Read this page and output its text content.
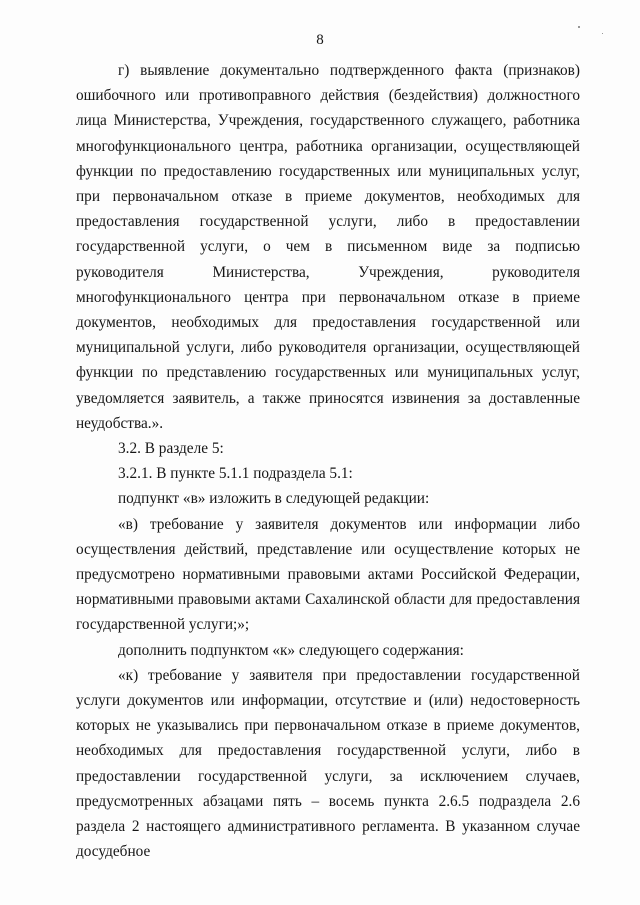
8

г) выявление документально подтвержденного факта (признаков) ошибочного или противоправного действия (бездействия) должностного лица Министерства, Учреждения, государственного служащего, работника многофункционального центра, работника организации, осуществляющей функции по предоставлению государственных или муниципальных услуг, при первоначальном отказе в приеме документов, необходимых для предоставления государственной услуги, либо в предоставлении государственной услуги, о чем в письменном виде за подписью руководителя Министерства, Учреждения, руководителя многофункционального центра при первоначальном отказе в приеме документов, необходимых для предоставления государственной или муниципальной услуги, либо руководителя организации, осуществляющей функции по представлению государственных или муниципальных услуг, уведомляется заявитель, а также приносятся извинения за доставленные неудобства.».

3.2. В разделе 5:

3.2.1. В пункте 5.1.1 подраздела 5.1:

подпункт «в» изложить в следующей редакции:

«в) требование у заявителя документов или информации либо осуществления действий, представление или осуществление которых не предусмотрено нормативными правовыми актами Российской Федерации, нормативными правовыми актами Сахалинской области для предоставления государственной услуги;»;

дополнить подпунктом «к» следующего содержания:

«к) требование у заявителя при предоставлении государственной услуги документов или информации, отсутствие и (или) недостоверность которых не указывались при первоначальном отказе в приеме документов, необходимых для предоставления государственной услуги, либо в предоставлении государственной услуги, за исключением случаев, предусмотренных абзацами пять – восемь пункта 2.6.5 подраздела 2.6 раздела 2 настоящего административного регламента. В указанном случае досудебное
